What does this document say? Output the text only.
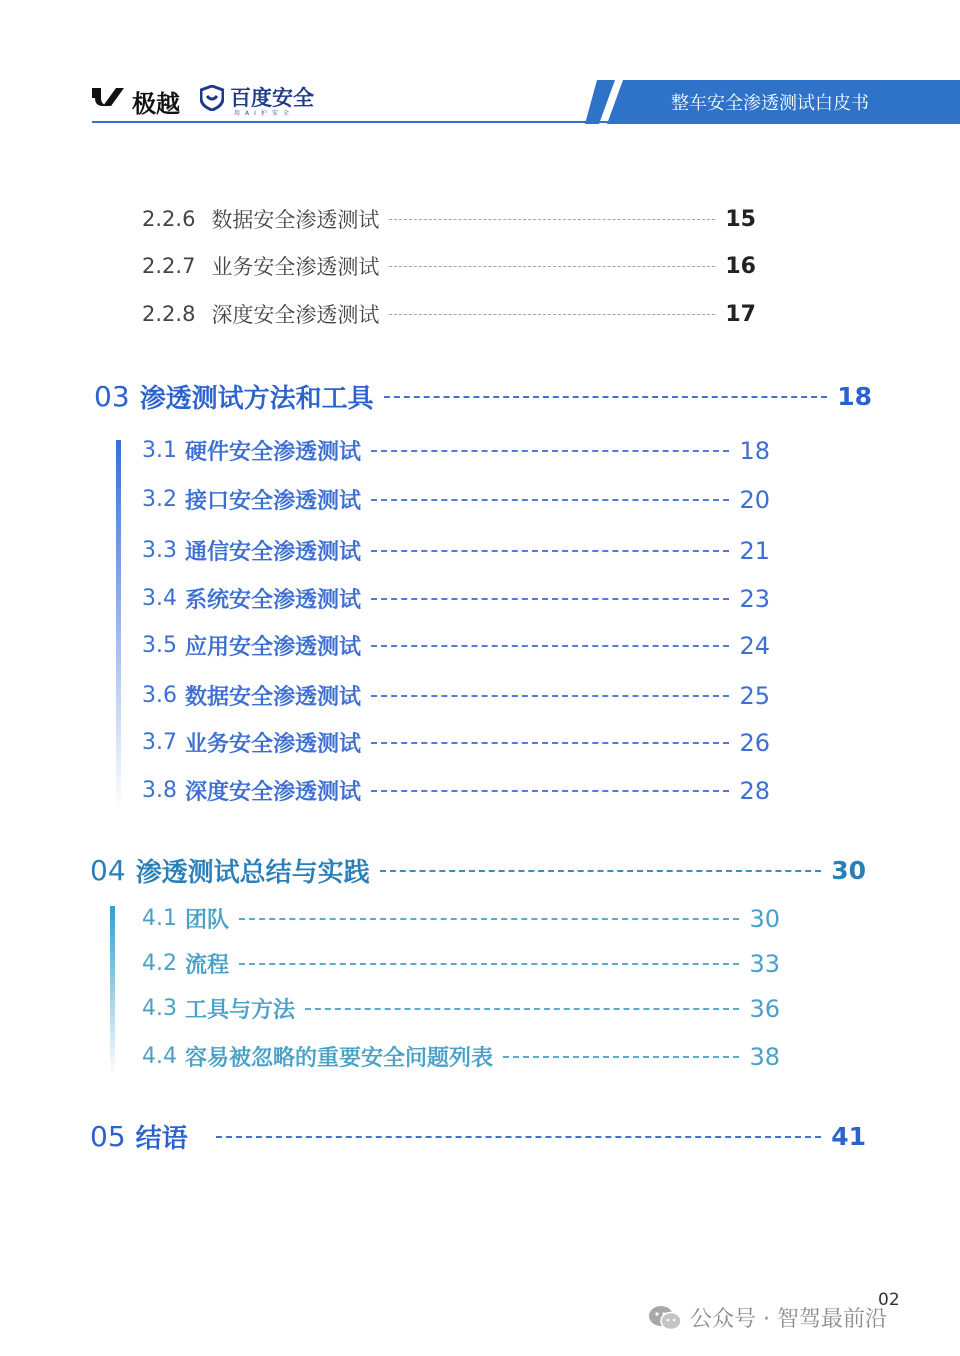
极越 百度安全
用AI护安全	整车安全渗透测试白皮书
2.2.6 数据安全渗透测试	15
2.2.7 业务安全渗透测试	16
2.2.8 深度安全渗透测试	17
03 渗透测试方法和工具	18
3.1 硬件安全渗透测试	18
3.2 接口安全渗透测试	20
3.3 通信安全渗透测试	21
3.4 系统安全渗透测试	23
3.5 应用安全渗透测试	24
3.6 数据安全渗透测试	25
3.7 业务安全渗透测试	26
3.8 深度安全渗透测试	28
04 渗透测试总结与实践	30
4.1 团队	30
4.2 流程	33
4.3 工具与方法	36
4.4 容易被忽略的重要安全问题列表	38
05 结语	41
公众号 · 智驾最前沿
02
